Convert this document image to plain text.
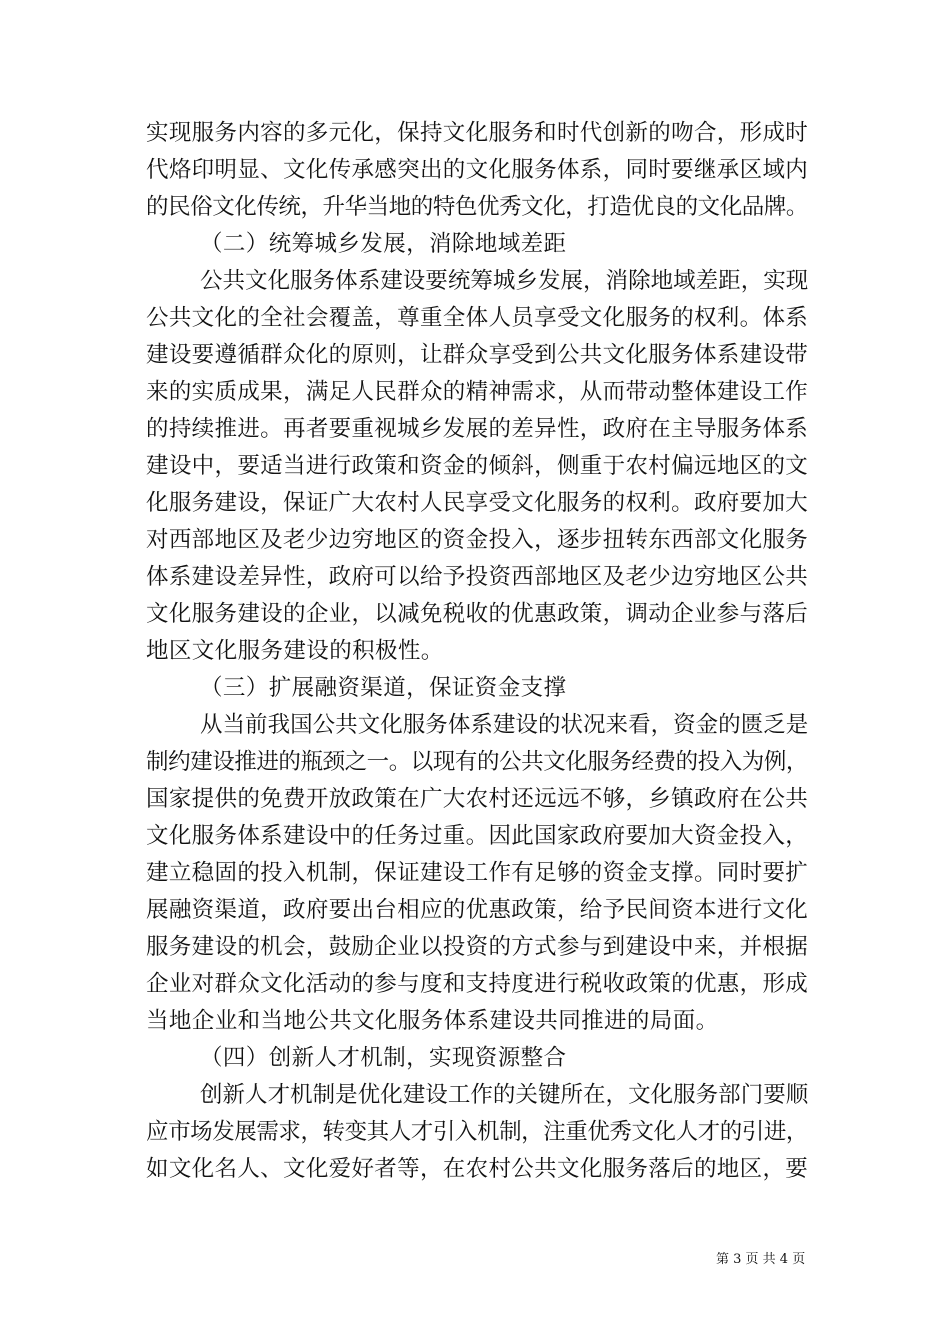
实现服务内容的多元化，保持文化服务和时代创新的吻合，形成时
代烙印明显、文化传承感突出的文化服务体系，同时要继承区域内
的民俗文化传统，升华当地的特色优秀文化，打造优良的文化品牌。
（二）统筹城乡发展，消除地域差距
公共文化服务体系建设要统筹城乡发展，消除地域差距，实现
公共文化的全社会覆盖，尊重全体人员享受文化服务的权利。体系
建设要遵循群众化的原则，让群众享受到公共文化服务体系建设带
来的实质成果，满足人民群众的精神需求，从而带动整体建设工作
的持续推进。再者要重视城乡发展的差异性，政府在主导服务体系
建设中，要适当进行政策和资金的倾斜，侧重于农村偏远地区的文
化服务建设，保证广大农村人民享受文化服务的权利。政府要加大
对西部地区及老少边穷地区的资金投入，逐步扭转东西部文化服务
体系建设差异性，政府可以给予投资西部地区及老少边穷地区公共
文化服务建设的企业，以减免税收的优惠政策，调动企业参与落后
地区文化服务建设的积极性。
（三）扩展融资渠道，保证资金支撑
从当前我国公共文化服务体系建设的状况来看，资金的匮乏是
制约建设推进的瓶颈之一。以现有的公共文化服务经费的投入为例，
国家提供的免费开放政策在广大农村还远远不够，乡镇政府在公共
文化服务体系建设中的任务过重。因此国家政府要加大资金投入，
建立稳固的投入机制，保证建设工作有足够的资金支撑。同时要扩
展融资渠道，政府要出台相应的优惠政策，给予民间资本进行文化
服务建设的机会，鼓励企业以投资的方式参与到建设中来，并根据
企业对群众文化活动的参与度和支持度进行税收政策的优惠，形成
当地企业和当地公共文化服务体系建设共同推进的局面。
（四）创新人才机制，实现资源整合
创新人才机制是优化建设工作的关键所在，文化服务部门要顺
应市场发展需求，转变其人才引入机制，注重优秀文化人才的引进，
如文化名人、文化爱好者等，在农村公共文化服务落后的地区，要
第 3 页 共 4 页
